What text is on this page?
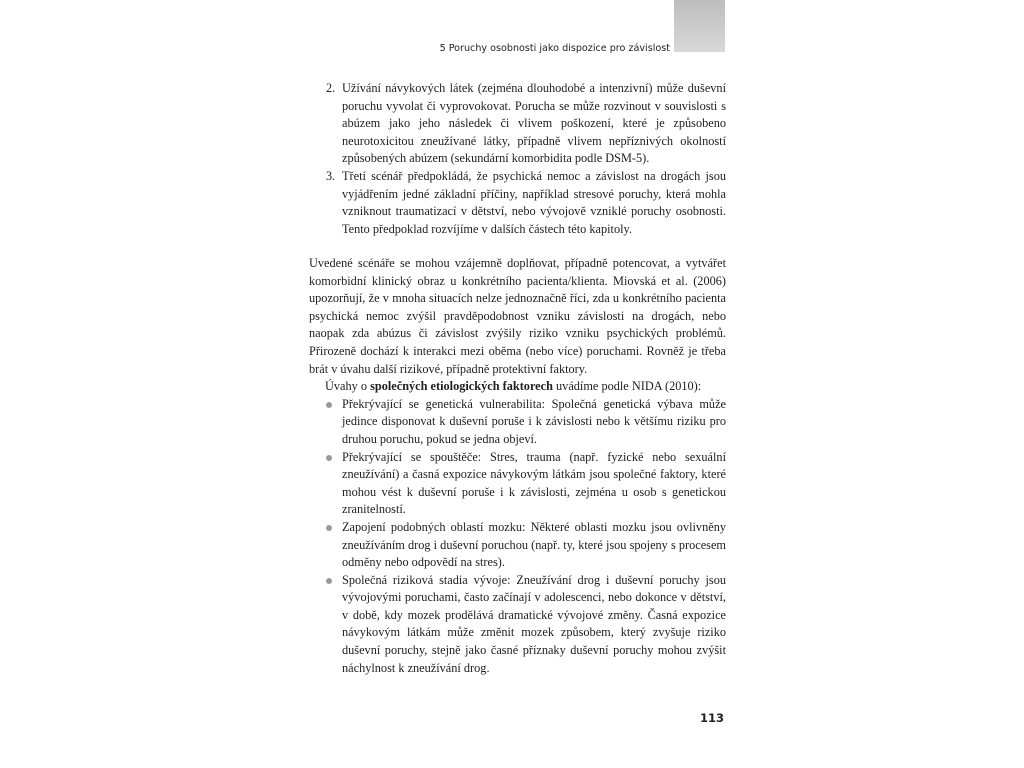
5 Poruchy osobnosti jako dispozice pro závislost
2. Užívání návykových látek (zejména dlouhodobé a intenzivní) může duševní poruchu vyvolat či vyprovokovat. Porucha se může rozvinout v souvislosti s abúzem jako jeho následek či vlivem poškození, které je způsobeno neurotoxicitou zneužívané látky, případně vlivem nepříznivých okolností způsobených abúzem (sekundární komorbidita podle DSM-5).
3. Třetí scénář předpokládá, že psychická nemoc a závislost na drogách jsou vyjádřením jedné základní příčiny, například stresové poruchy, která mohla vzniknout traumatizací v dětství, nebo vývojově vzniklé poruchy osobnosti. Tento předpoklad rozvíjíme v dalších částech této kapitoly.

Uvedené scénáře se mohou vzájemně doplňovat, případně potencovat, a vytvářet komorbidní klinický obraz u konkrétního pacienta/klienta. Miovská et al. (2006) upozorňují, že v mnoha situacích nelze jednoznačně říci, zda u konkrétního pacienta psychická nemoc zvýšil pravděpodobnost vzniku závislosti na drogách, nebo naopak zda abúzus či závislost zvýšily riziko vzniku psychických problémů. Přirozeně dochází k interakci mezi oběma (nebo více) poruchami. Rovněž je třeba brát v úvahu další rizikové, případně protektivní faktory.

Úvahy o společných etiologických faktorech uvádíme podle NIDA (2010):

Překrývající se genetická vulnerabilita: Společná genetická výbava může jedince disponovat k duševní poruše i k závislosti nebo k většímu riziku pro druhou poruchu, pokud se jedna objeví.
Překrývající se spouštěče: Stres, trauma (např. fyzické nebo sexuální zneužívání) a časná expozice návykovým látkám jsou společné faktory, které mohou vést k duševní poruše i k závislosti, zejména u osob s genetickou zranitelností.
Zapojení podobných oblastí mozku: Některé oblasti mozku jsou ovlivněny zneužíváním drog i duševní poruchou (např. ty, které jsou spojeny s procesem odměny nebo odpovědí na stres).
Společná riziková stadia vývoje: Zneužívání drog i duševní poruchy jsou vývojovými poruchami, často začínají v adolescenci, nebo dokonce v dětství, v době, kdy mozek prodělává dramatické vývojové změny. Časná expozice návykovým látkám může změnit mozek způsobem, který zvyšuje riziko duševní poruchy, stejně jako časné příznaky duševní poruchy mohou zvýšit náchylnost k zneužívání drog.
113
